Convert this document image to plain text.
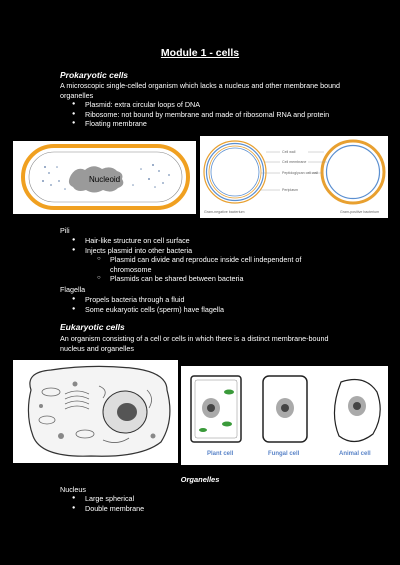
Module 1 - cells
Prokaryotic cells
A microscopic single-celled organism which lacks a nucleus and other membrane bound organelles
● Plasmid: extra circular loops of DNA
● Ribosome: not bound by membrane and made of ribosomal RNA and protein
● Floating membrane
Nucleoid
Cell wall
Cell membrane
Peptidoglycan cell wall
Periplasm
Gram-negative bacterium	Gram-positive bacterium
Pili
● Hair-like structure on cell surface
● Injects plasmid into other bacteria
○ Plasmid can divide and reproduce inside cell independent of chromosome
○ Plasmids can be shared between bacteria
Flagella
● Propels bacteria through a fluid
● Some eukaryotic cells (sperm) have flagella
Eukaryotic cells
An organism consisting of a cell or cells in which there is a distinct membrane-bound nucleus and organelles
Plant cell	Fungal cell	Animal cell
Organelles
Nucleus
● Large spherical
● Double membrane
